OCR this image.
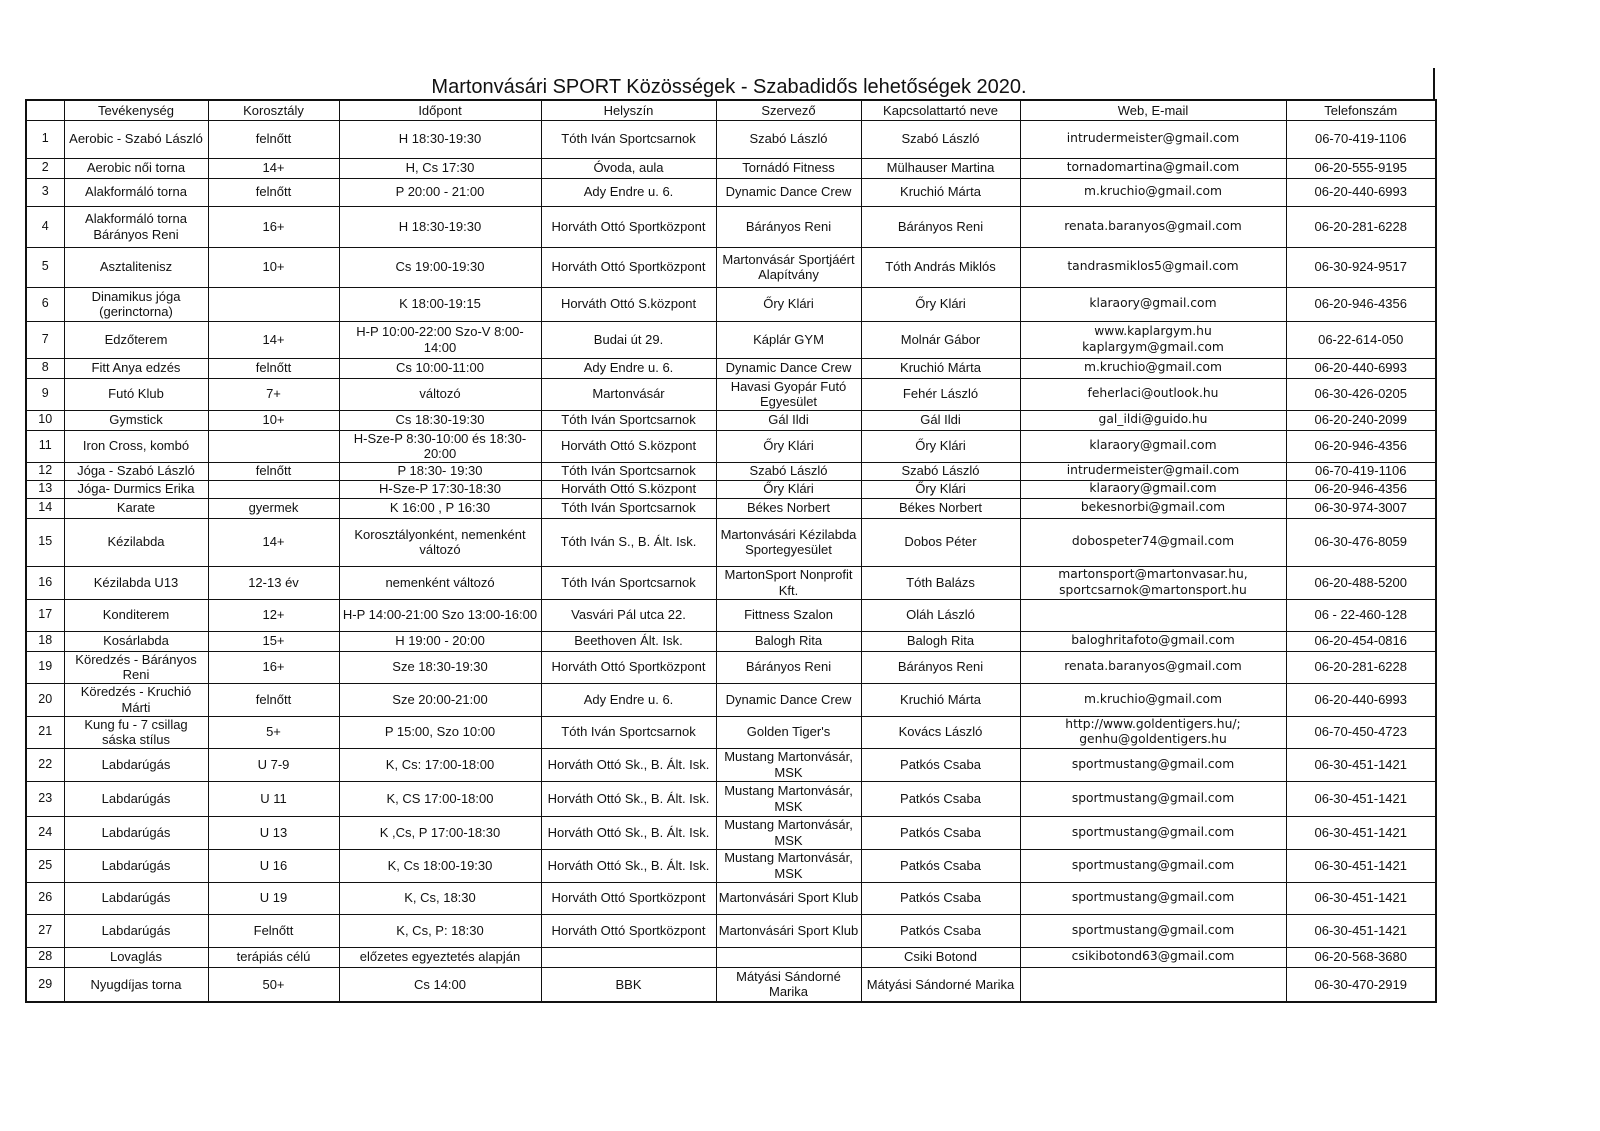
Martonvásári SPORT Közösségek - Szabadidős lehetőségek 2020.
	Tevékenység	Korosztály	Időpont	Helyszín	Szervező	Kapcsolattartó neve	Web, E-mail	Telefonszám
1	Aerobic - Szabó László	felnőtt	H 18:30-19:30	Tóth Iván Sportcsarnok	Szabó László	Szabó László	intrudermeister@gmail.com	06-70-419-1106
2	Aerobic női torna	14+	H, Cs 17:30	Óvoda, aula	Tornádó Fitness	Mülhauser Martina	tornadomartina@gmail.com	06-20-555-9195
3	Alakformáló torna	felnőtt	P 20:00 - 21:00	Ady Endre u. 6.	Dynamic Dance Crew	Kruchió Márta	m.kruchio@gmail.com	06-20-440-6993
4	Alakformáló torna Bárányos Reni	16+	H 18:30-19:30	Horváth Ottó Sportközpont	Bárányos Reni	Bárányos Reni	renata.baranyos@gmail.com	06-20-281-6228
5	Asztalitenisz	10+	Cs 19:00-19:30	Horváth Ottó Sportközpont	Martonvásár Sportjáért Alapítvány	Tóth András Miklós	tandrasmiklos5@gmail.com	06-30-924-9517
6	Dinamikus jóga (gerinctorna)		K 18:00-19:15	Horváth Ottó S.központ	Őry Klári	Őry Klári	klaraory@gmail.com	06-20-946-4356
7	Edzőterem	14+	H-P 10:00-22:00 Szo-V 8:00-14:00	Budai út 29.	Káplár GYM	Molnár Gábor	www.kaplargym.hu kaplargym@gmail.com	06-22-614-050
8	Fitt Anya edzés	felnőtt	Cs 10:00-11:00	Ady Endre u. 6.	Dynamic Dance Crew	Kruchió Márta	m.kruchio@gmail.com	06-20-440-6993
9	Futó Klub	7+	változó	Martonvásár	Havasi Gyopár Futó Egyesület	Fehér László	feherlaci@outlook.hu	06-30-426-0205
10	Gymstick	10+	Cs 18:30-19:30	Tóth Iván Sportcsarnok	Gál Ildi	Gál Ildi	gal_ildi@guido.hu	06-20-240-2099
11	Iron Cross, kombó		H-Sze-P 8:30-10:00 és 18:30-20:00	Horváth Ottó S.központ	Őry Klári	Őry Klári	klaraory@gmail.com	06-20-946-4356
12	Jóga - Szabó László	felnőtt	P 18:30- 19:30	Tóth Iván Sportcsarnok	Szabó László	Szabó László	intrudermeister@gmail.com	06-70-419-1106
13	Jóga- Durmics Erika		H-Sze-P 17:30-18:30	Horváth Ottó S.központ	Őry Klári	Őry Klári	klaraory@gmail.com	06-20-946-4356
14	Karate	gyermek	K 16:00 , P 16:30	Tóth Iván Sportcsarnok	Békes Norbert	Békes Norbert	bekesnorbi@gmail.com	06-30-974-3007
15	Kézilabda	14+	Korosztályonként, nemenként változó	Tóth Iván S., B. Ált. Isk.	Martonvásári Kézilabda Sportegyesület	Dobos Péter	dobospeter74@gmail.com	06-30-476-8059
16	Kézilabda U13	12-13 év	nemenként változó	Tóth Iván Sportcsarnok	MartonSport Nonprofit Kft.	Tóth Balázs	martonsport@martonvasar.hu, sportcsarnok@martonsport.hu	06-20-488-5200
17	Konditerem	12+	H-P 14:00-21:00 Szo 13:00-16:00	Vasvári Pál utca 22.	Fittness Szalon	Oláh László		06 - 22-460-128
18	Kosárlabda	15+	H 19:00 - 20:00	Beethoven Ált. Isk.	Balogh Rita	Balogh Rita	baloghritafoto@gmail.com	06-20-454-0816
19	Köredzés - Bárányos Reni	16+	Sze 18:30-19:30	Horváth Ottó Sportközpont	Bárányos Reni	Bárányos Reni	renata.baranyos@gmail.com	06-20-281-6228
20	Köredzés - Kruchió Márti	felnőtt	Sze 20:00-21:00	Ady Endre u. 6.	Dynamic Dance Crew	Kruchió Márta	m.kruchio@gmail.com	06-20-440-6993
21	Kung fu - 7 csillag sáska stílus	5+	P 15:00, Szo 10:00	Tóth Iván Sportcsarnok	Golden Tiger's	Kovács László	http://www.goldentigers.hu/; genhu@goldentigers.hu	06-70-450-4723
22	Labdarúgás	U 7-9	K, Cs: 17:00-18:00	Horváth Ottó Sk., B. Ált. Isk.	Mustang Martonvásár, MSK	Patkós Csaba	sportmustang@gmail.com	06-30-451-1421
23	Labdarúgás	U 11	K, CS 17:00-18:00	Horváth Ottó Sk., B. Ált. Isk.	Mustang Martonvásár, MSK	Patkós Csaba	sportmustang@gmail.com	06-30-451-1421
24	Labdarúgás	U 13	K ,Cs, P 17:00-18:30	Horváth Ottó Sk., B. Ált. Isk.	Mustang Martonvásár, MSK	Patkós Csaba	sportmustang@gmail.com	06-30-451-1421
25	Labdarúgás	U 16	K, Cs 18:00-19:30	Horváth Ottó Sk., B. Ált. Isk.	Mustang Martonvásár, MSK	Patkós Csaba	sportmustang@gmail.com	06-30-451-1421
26	Labdarúgás	U 19	K, Cs, 18:30	Horváth Ottó Sportközpont	Martonvásári Sport Klub	Patkós Csaba	sportmustang@gmail.com	06-30-451-1421
27	Labdarúgás	Felnőtt	K, Cs, P: 18:30	Horváth Ottó Sportközpont	Martonvásári Sport Klub	Patkós Csaba	sportmustang@gmail.com	06-30-451-1421
28	Lovaglás	terápiás célú	előzetes egyeztetés alapján			Csiki Botond	csikibotond63@gmail.com	06-20-568-3680
29	Nyugdíjas torna	50+	Cs 14:00	BBK	Mátyási Sándorné Marika	Mátyási Sándorné Marika		06-30-470-2919
